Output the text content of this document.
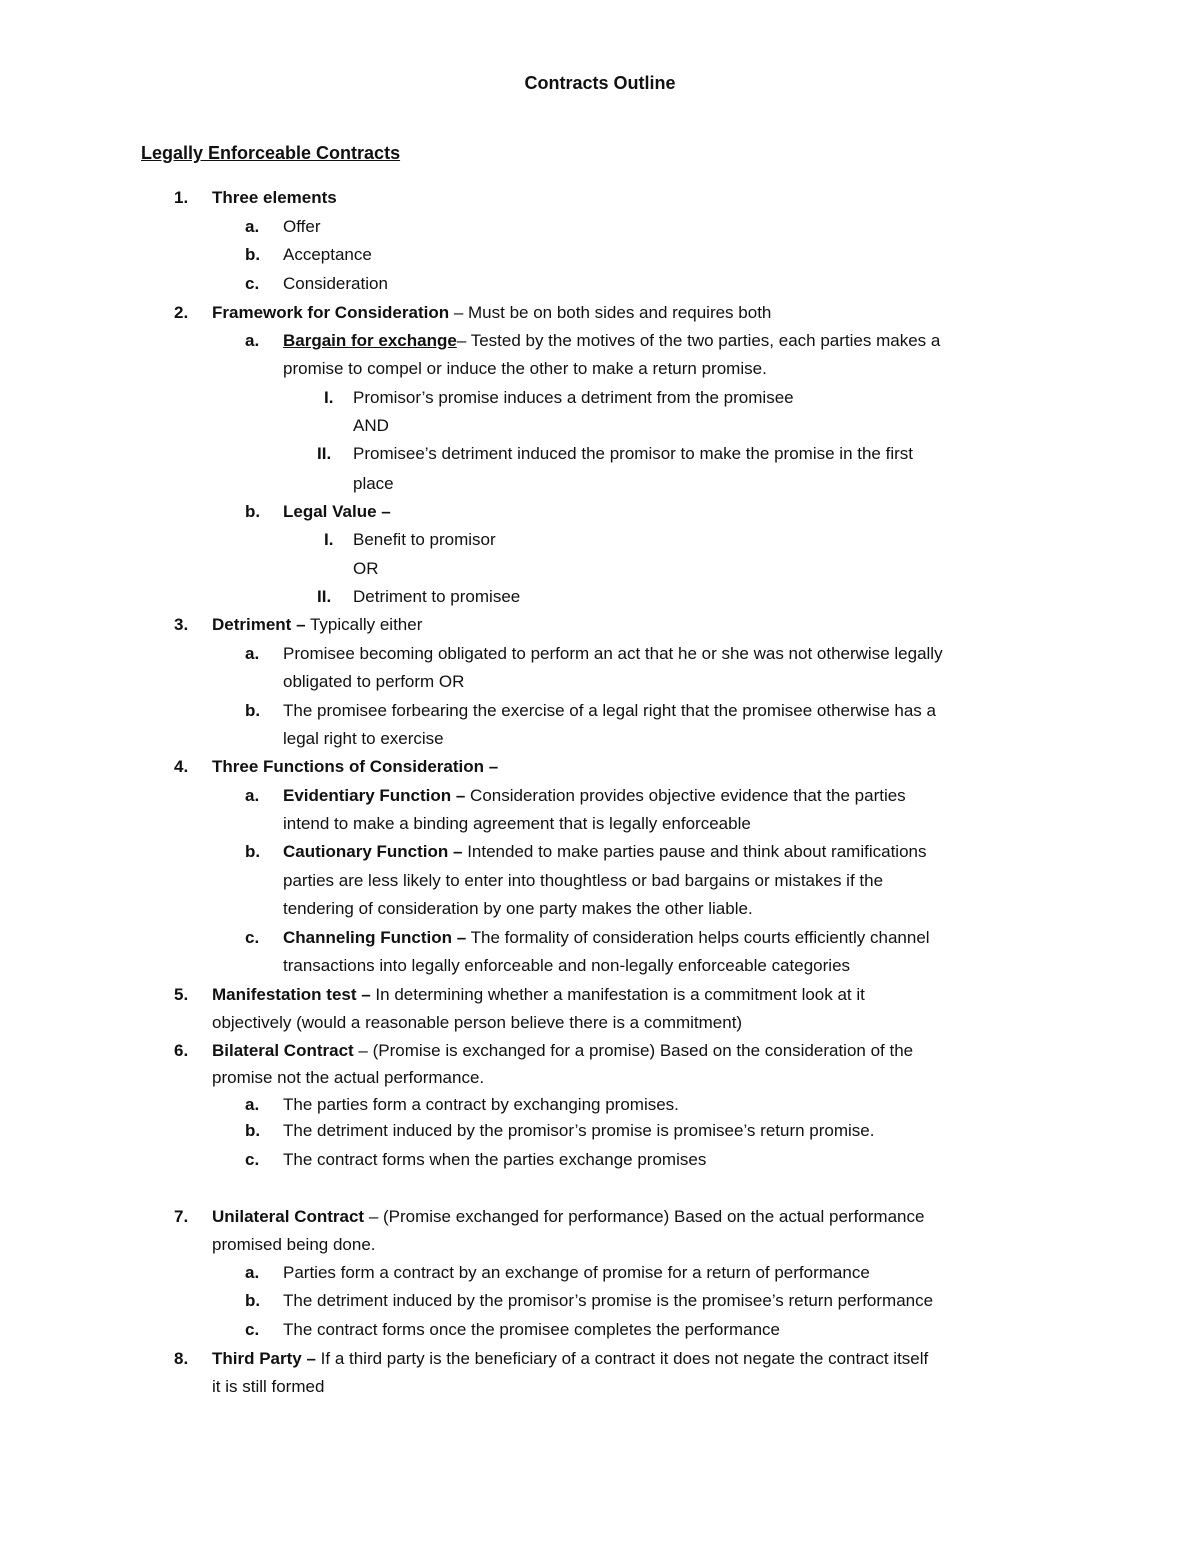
Contracts Outline
Legally Enforceable Contracts
1. Three elements
a. Offer
b. Acceptance
c. Consideration
2. Framework for Consideration – Must be on both sides and requires both
a. Bargain for exchange– Tested by the motives of the two parties, each parties makes a
promise to compel or induce the other to make a return promise.
I. Promisor’s promise induces a detriment from the promisee
AND
II. Promisee’s detriment induced the promisor to make the promise in the first
place
b. Legal Value –
I. Benefit to promisor
OR
II. Detriment to promisee
3. Detriment – Typically either
a. Promisee becoming obligated to perform an act that he or she was not otherwise legally
obligated to perform OR
b. The promisee forbearing the exercise of a legal right that the promisee otherwise has a
legal right to exercise
4. Three Functions of Consideration –
a. Evidentiary Function – Consideration provides objective evidence that the parties
intend to make a binding agreement that is legally enforceable
b. Cautionary Function – Intended to make parties pause and think about ramifications
parties are less likely to enter into thoughtless or bad bargains or mistakes if the
tendering of consideration by one party makes the other liable.
c. Channeling Function – The formality of consideration helps courts efficiently channel
transactions into legally enforceable and non-legally enforceable categories
5. Manifestation test – In determining whether a manifestation is a commitment look at it
objectively (would a reasonable person believe there is a commitment)
6. Bilateral Contract – (Promise is exchanged for a promise) Based on the consideration of the
promise not the actual performance.
a. The parties form a contract by exchanging promises.
b. The detriment induced by the promisor’s promise is promisee’s return promise.
c. The contract forms when the parties exchange promises
7. Unilateral Contract – (Promise exchanged for performance) Based on the actual performance
promised being done.
a. Parties form a contract by an exchange of promise for a return of performance
b. The detriment induced by the promisor’s promise is the promisee’s return performance
c. The contract forms once the promisee completes the performance
8. Third Party – If a third party is the beneficiary of a contract it does not negate the contract itself
it is still formed
